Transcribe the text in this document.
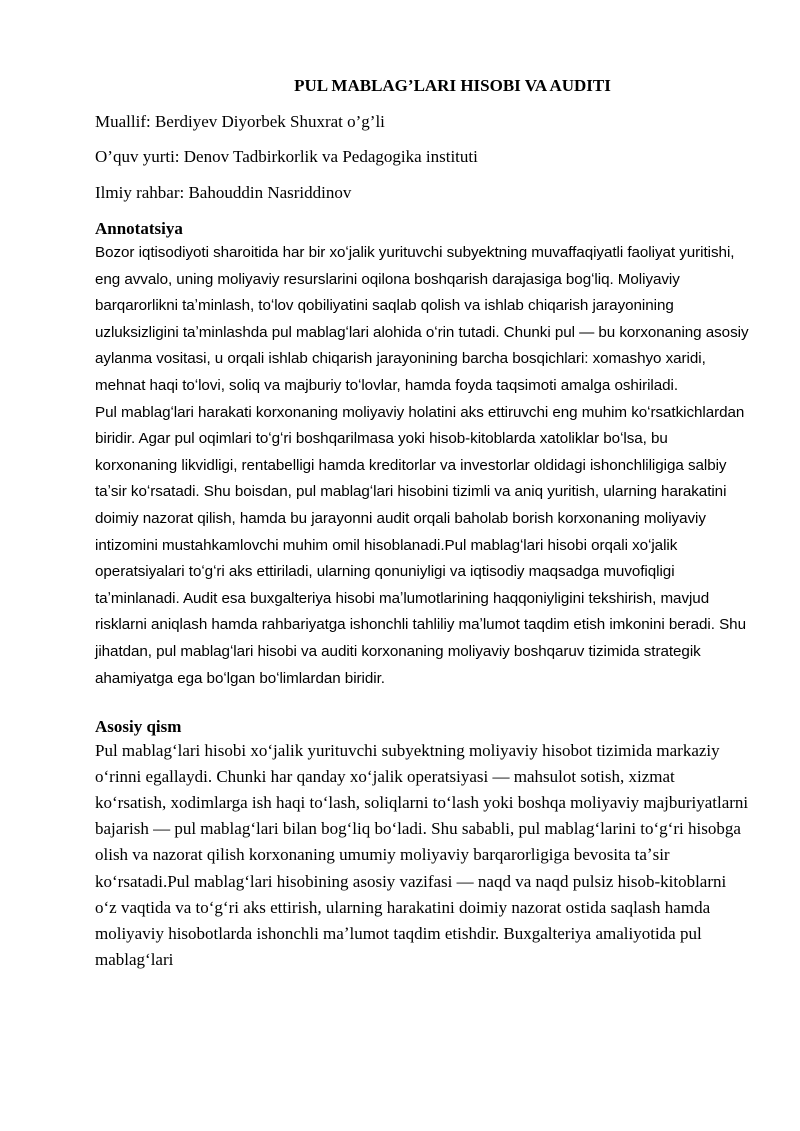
PUL MABLAG’LARI HISOBI VA AUDITI

Muallif: Berdiyev Diyorbek Shuxrat o’g’li

O’quv yurti: Denov Tadbirkorlik va Pedagogika instituti

Ilmiy rahbar: Bahouddin Nasriddinov

Annotatsiya

Bozor iqtisodiyoti sharoitida har bir xoʻjalik yurituvchi subyektning muvaffaqiyatli faoliyat yuritishi, eng avvalo, uning moliyaviy resurslarini oqilona boshqarish darajasiga bogʻliq. Moliyaviy barqarorlikni taʼminlash, toʻlov qobiliyatini saqlab qolish va ishlab chiqarish jarayonining uzluksizligini taʼminlashda pul mablagʻlari alohida oʻrin tutadi. Chunki pul — bu korxonaning asosiy aylanma vositasi, u orqali ishlab chiqarish jarayonining barcha bosqichlari: xomashyo xaridi, mehnat haqi toʻlovi, soliq va majburiy toʻlovlar, hamda foyda taqsimoti amalga oshiriladi.

Pul mablagʻlari harakati korxonaning moliyaviy holatini aks ettiruvchi eng muhim koʻrsatkichlardan biridir. Agar pul oqimlari toʻgʻri boshqarilmasa yoki hisob-kitoblarda xatoliklar boʻlsa, bu korxonaning likvidligi, rentabelligi hamda kreditorlar va investorlar oldidagi ishonchliligiga salbiy taʼsir koʻrsatadi. Shu boisdan, pul mablagʻlari hisobini tizimli va aniq yuritish, ularning harakatini doimiy nazorat qilish, hamda bu jarayonni audit orqali baholab borish korxonaning moliyaviy intizomini mustahkamlovchi muhim omil hisoblanadi.Pul mablagʻlari hisobi orqali xoʻjalik operatsiyalari toʻgʻri aks ettiriladi, ularning qonuniyligi va iqtisodiy maqsadga muvofiqligi taʼminlanadi. Audit esa buxgalteriya hisobi maʼlumotlarining haqqoniyligini tekshirish, mavjud risklarni aniqlash hamda rahbariyatga ishonchli tahliliy maʼlumot taqdim etish imkonini beradi. Shu jihatdan, pul mablagʻlari hisobi va auditi korxonaning moliyaviy boshqaruv tizimida strategik ahamiyatga ega boʻlgan boʻlimlardan biridir.

Asosiy qism

Pul mablagʻlari hisobi xoʻjalik yurituvchi subyektning moliyaviy hisobot tizimida markaziy oʻrinni egallaydi. Chunki har qanday xoʻjalik operatsiyasi — mahsulot sotish, xizmat koʻrsatish, xodimlarga ish haqi toʻlash, soliqlarni toʻlash yoki boshqa moliyaviy majburiyatlarni bajarish — pul mablagʻlari bilan bogʻliq boʻladi. Shu sababli, pul mablagʻlarini toʻgʻri hisobga olish va nazorat qilish korxonaning umumiy moliyaviy barqarorligiga bevosita taʼsir koʻrsatadi.Pul mablagʻlari hisobining asosiy vazifasi — naqd va naqd pulsiz hisob-kitoblarni oʻz vaqtida va toʻgʻri aks ettirish, ularning harakatini doimiy nazorat ostida saqlash hamda moliyaviy hisobotlarda ishonchli maʼlumot taqdim etishdir. Buxgalteriya amaliyotida pul mablagʻlari
